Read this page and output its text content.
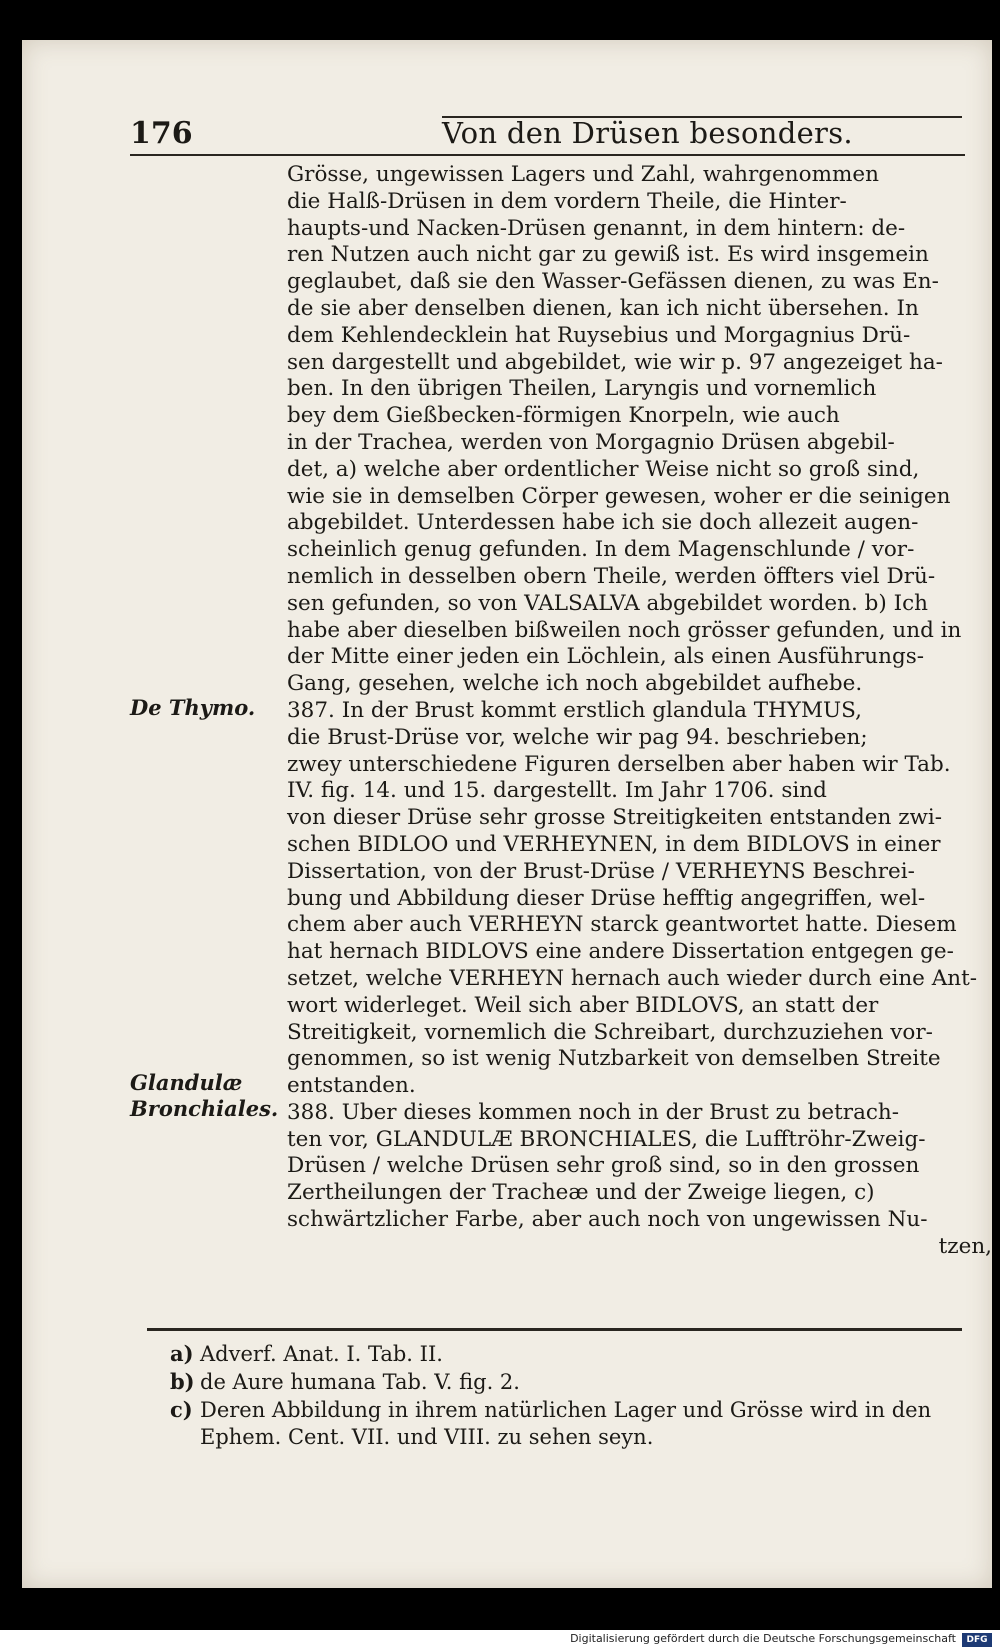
176	Von den Drüsen besonders.
Grösse, ungewissen Lagers und Zahl, wahrgenommen
die Halß-Drüsen in dem vordern Theile, die Hinter-
haupts-und Nacken-Drüsen genannt, in dem hintern: de-
ren Nutzen auch nicht gar zu gewiß ist. Es wird insgemein
geglaubet, daß sie den Wasser-Gefässen dienen, zu was En-
de sie aber denselben dienen, kan ich nicht übersehen. In
dem Kehlendecklein hat Ruysebius und Morgagnius Drü-
sen dargestellt und abgebildet, wie wir p. 97 angezeiget ha-
ben. In den übrigen Theilen, Laryngis und vornemlich
bey dem Gießbecken-förmigen Knorpeln, wie auch
in der Trachea, werden von Morgagnio Drüsen abgebil-
det, a) welche aber ordentlicher Weise nicht so groß sind,
wie sie in demselben Cörper gewesen, woher er die seinigen
abgebildet. Unterdessen habe ich sie doch allezeit augen-
scheinlich genug gefunden. In dem Magenschlunde / vor-
nemlich in desselben obern Theile, werden öffters viel Drü-
sen gefunden, so von VALSALVA abgebildet worden. b) Ich
habe aber dieselben bißweilen noch grösser gefunden, und in
der Mitte einer jeden ein Löchlein, als einen Ausführungs-
Gang, gesehen, welche ich noch abgebildet aufhebe.
387. In der Brust kommt erstlich glandula THYMUS,
die Brust-Drüse vor, welche wir pag 94. beschrieben;
zwey unterschiedene Figuren derselben aber haben wir Tab.
IV. fig. 14. und 15. dargestellt. Im Jahr 1706. sind
von dieser Drüse sehr grosse Streitigkeiten entstanden zwi-
schen BIDLOO und VERHEYNEN, in dem BIDLOVS in einer
Dissertation, von der Brust-Drüse / VERHEYNS Beschrei-
bung und Abbildung dieser Drüse hefftig angegriffen, wel-
chem aber auch VERHEYN starck geantwortet hatte. Diesem
hat hernach BIDLOVS eine andere Dissertation entgegen ge-
setzet, welche VERHEYN hernach auch wieder durch eine Ant-
wort widerleget. Weil sich aber BIDLOVS, an statt der
Streitigkeit, vornemlich die Schreibart, durchzuziehen vor-
genommen, so ist wenig Nutzbarkeit von demselben Streite
entstanden.
388. Uber dieses kommen noch in der Brust zu betrach-
ten vor, GLANDULÆ BRONCHIALES, die Lufftröhr-Zweig-
Drüsen / welche Drüsen sehr groß sind, so in den grossen
Zertheilungen der Tracheæ und der Zweige liegen, c)
schwärtzlicher Farbe, aber auch noch von ungewissen Nu-
tzen,
De Thymo.
Glandulæ
Bronchiales.
a) Adverf. Anat. I. Tab. II.
b) de Aure humana Tab. V. fig. 2.
c) Deren Abbildung in ihrem natürlichen Lager und Grösse wird in den
Ephem. Cent. VII. und VIII. zu sehen seyn.
Digitalisierung gefördert durch die Deutsche Forschungsgemeinschaft	DFG
